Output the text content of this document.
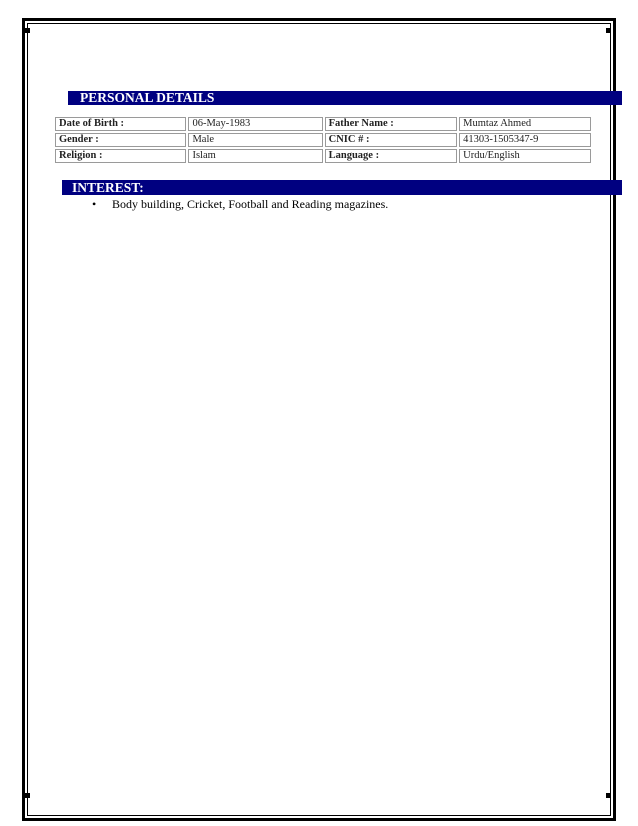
PERSONAL DETAILS
Date of Birth :	06-May-1983	Father Name :	Mumtaz Ahmed
Gender :	Male	CNIC # :	41303-1505347-9
Religion :	Islam	Language :	Urdu/English
INTEREST:
• Body building, Cricket, Football and Reading magazines.
